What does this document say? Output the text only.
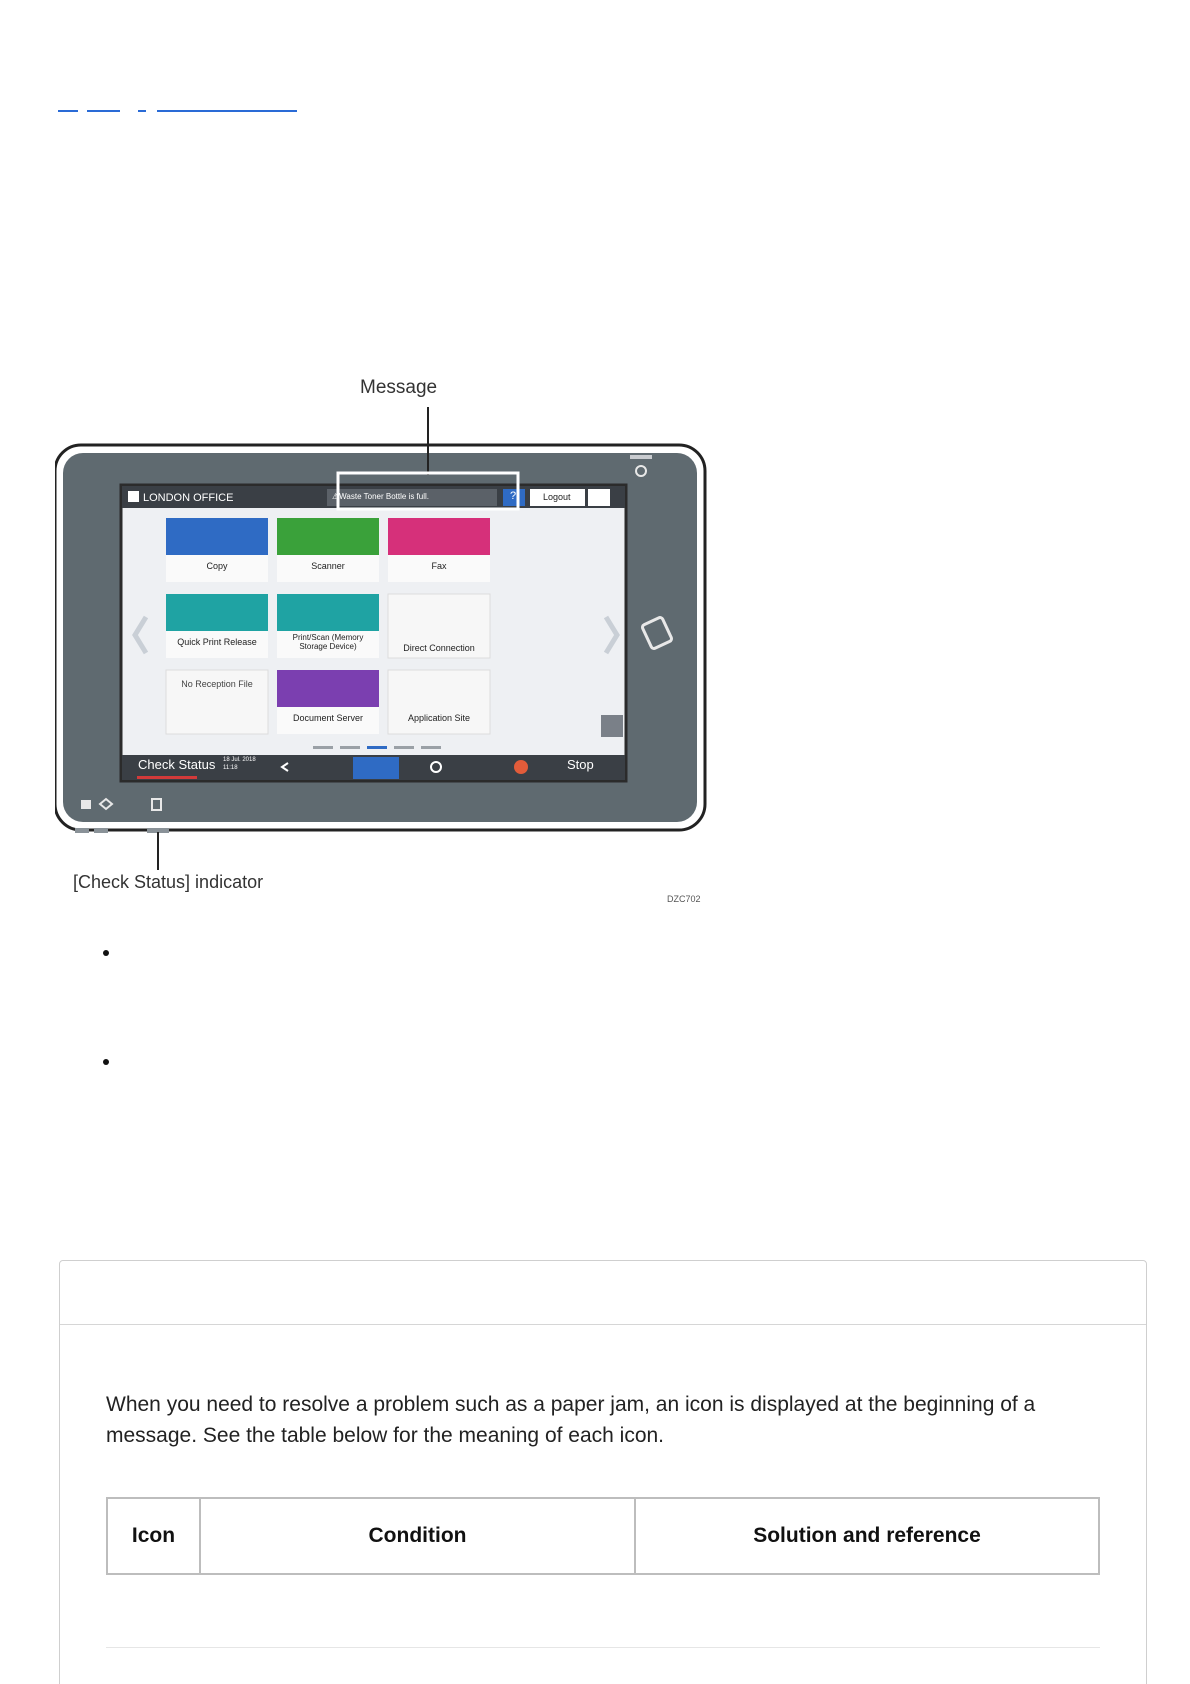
Message
LONDON OFFICE	⚠Waste Toner Bottle is full.	?	Logout
Copy	Scanner	Fax
Quick Print Release	Print/Scan (Memory Storage Device)	Direct Connection
No Reception File
Document Server	Application Site
Check Status 18 Jul. 2018
11:18	Stop
[Check Status] indicator
DZC702

When you need to resolve a problem such as a paper jam, an icon is displayed at the beginning of a message. See the table below for the meaning of each icon.

Icon	Condition	Solution and reference
